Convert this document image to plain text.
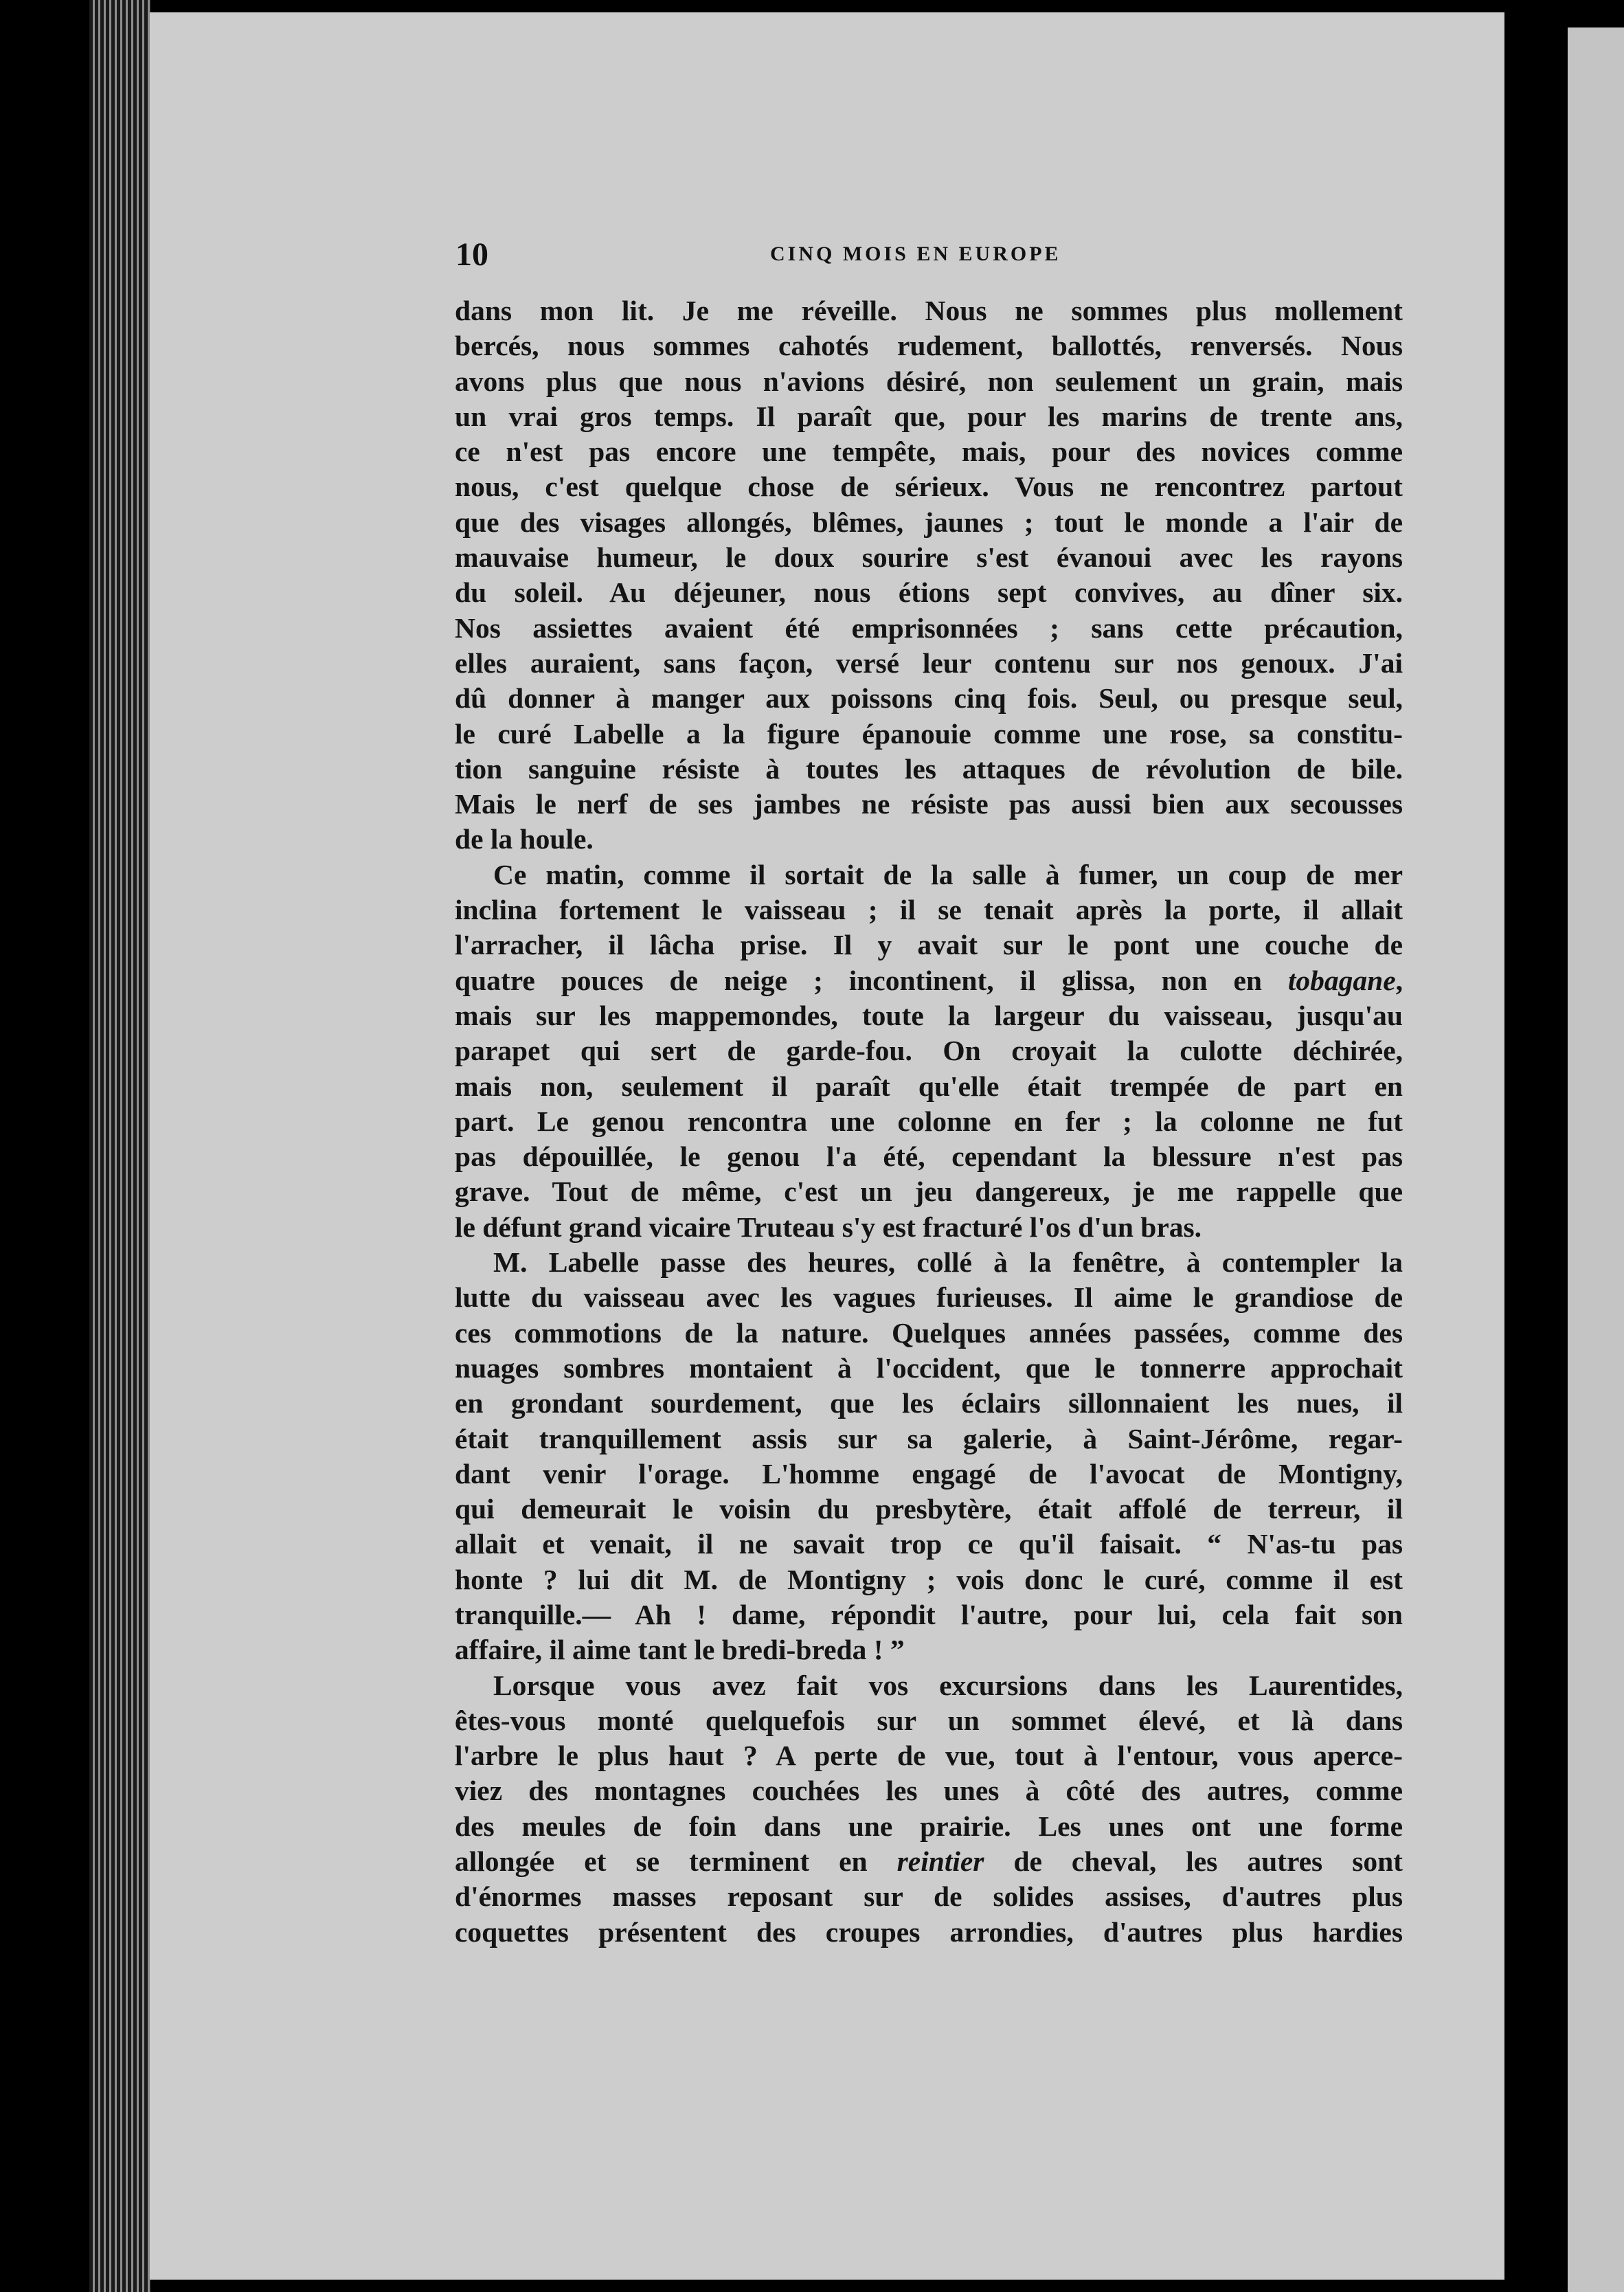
10	CINQ MOIS EN EUROPE
dans mon lit. Je me réveille. Nous ne sommes plus mollement
bercés, nous sommes cahotés rudement, ballottés, renversés. Nous
avons plus que nous n'avions désiré, non seulement un grain, mais
un vrai gros temps. Il paraît que, pour les marins de trente ans,
ce n'est pas encore une tempête, mais, pour des novices comme
nous, c'est quelque chose de sérieux. Vous ne rencontrez partout
que des visages allongés, blêmes, jaunes ; tout le monde a l'air de
mauvaise humeur, le doux sourire s'est évanoui avec les rayons
du soleil. Au déjeuner, nous étions sept convives, au dîner six.
Nos assiettes avaient été emprisonnées ; sans cette précaution,
elles auraient, sans façon, versé leur contenu sur nos genoux. J'ai
dû donner à manger aux poissons cinq fois. Seul, ou presque seul,
le curé Labelle a la figure épanouie comme une rose, sa constitu-
tion sanguine résiste à toutes les attaques de révolution de bile.
Mais le nerf de ses jambes ne résiste pas aussi bien aux secousses
de la houle.
Ce matin, comme il sortait de la salle à fumer, un coup de mer
inclina fortement le vaisseau ; il se tenait après la porte, il allait
l'arracher, il lâcha prise. Il y avait sur le pont une couche de
quatre pouces de neige ; incontinent, il glissa, non en tobagane,
mais sur les mappemondes, toute la largeur du vaisseau, jusqu'au
parapet qui sert de garde-fou. On croyait la culotte déchirée,
mais non, seulement il paraît qu'elle était trempée de part en
part. Le genou rencontra une colonne en fer ; la colonne ne fut
pas dépouillée, le genou l'a été, cependant la blessure n'est pas
grave. Tout de même, c'est un jeu dangereux, je me rappelle que
le défunt grand vicaire Truteau s'y est fracturé l'os d'un bras.
M. Labelle passe des heures, collé à la fenêtre, à contempler la
lutte du vaisseau avec les vagues furieuses. Il aime le grandiose de
ces commotions de la nature. Quelques années passées, comme des
nuages sombres montaient à l'occident, que le tonnerre approchait
en grondant sourdement, que les éclairs sillonnaient les nues, il
était tranquillement assis sur sa galerie, à Saint-Jérôme, regar-
dant venir l'orage. L'homme engagé de l'avocat de Montigny,
qui demeurait le voisin du presbytère, était affolé de terreur, il
allait et venait, il ne savait trop ce qu'il faisait. “ N'as-tu pas
honte ? lui dit M. de Montigny ; vois donc le curé, comme il est
tranquille.— Ah ! dame, répondit l'autre, pour lui, cela fait son
affaire, il aime tant le bredi-breda ! ”
Lorsque vous avez fait vos excursions dans les Laurentides,
êtes-vous monté quelquefois sur un sommet élevé, et là dans
l'arbre le plus haut ? A perte de vue, tout à l'entour, vous aperce-
viez des montagnes couchées les unes à côté des autres, comme
des meules de foin dans une prairie. Les unes ont une forme
allongée et se terminent en reintier de cheval, les autres sont
d'énormes masses reposant sur de solides assises, d'autres plus
coquettes présentent des croupes arrondies, d'autres plus hardies
